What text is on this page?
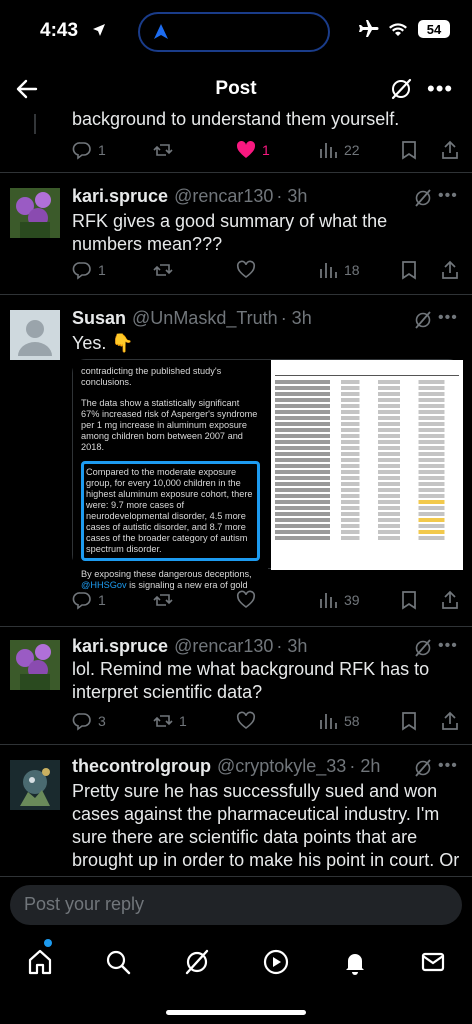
4:43	54
Post	•••
background to understand them yourself.
1	1	22
kari.spruce @rencar130 · 3h	•••
RFK gives a good summary of what the numbers mean???
1	18
Susan @UnMaskd_Truth · 3h	•••
Yes. 👇

contradicting the published study's conclusions.

The data show a statistically significant 67% increased risk of Asperger's syndrome per 1 mg increase in aluminum exposure among children born between 2007 and 2018.

Compared to the moderate exposure group, for every 10,000 children in the highest aluminum exposure cohort, there were: 9.7 more cases of neurodevelopmental disorder, 4.5 more cases of autistic disorder, and 8.7 more cases of the broader category of autism spectrum disorder.

By exposing these dangerous deceptions, @HHSGov is signaling a new era of gold

1	39
kari.spruce @rencar130 · 3h	•••
lol. Remind me what background RFK has to interpret scientific data?
3	1	58
thecontrolgroup @cryptokyle_33 · 2h	•••
Pretty sure he has successfully sued and won cases against the pharmaceutical industry. I'm sure there are scientific data points that are brought up in order to make his point in court. Or
Post your reply
